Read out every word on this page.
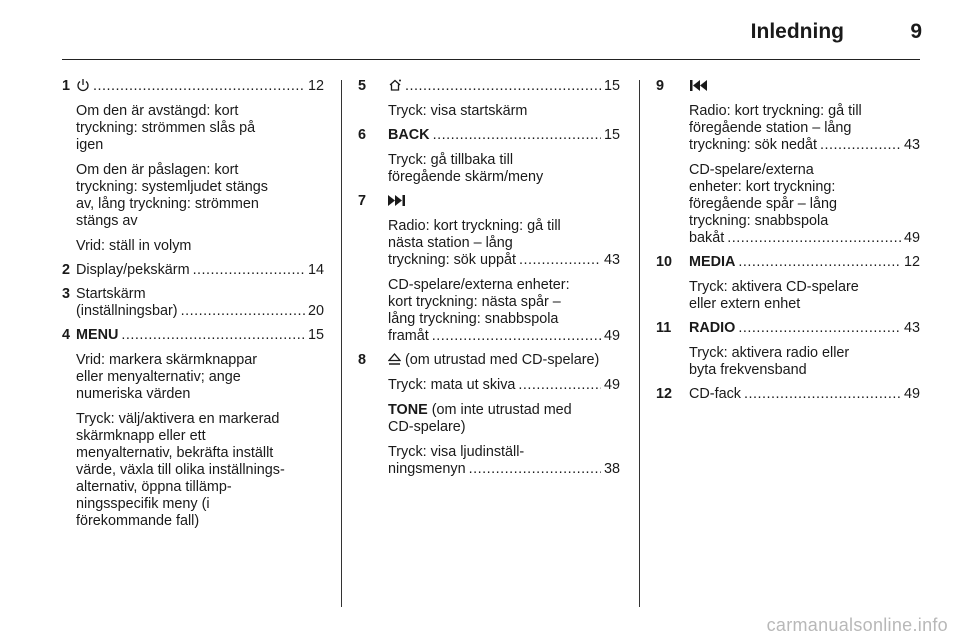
Inledning	9
1 .....	12
Om den är avstängd: kort tryckning: strömmen slås på igen
Om den är påslagen: kort tryckning: systemljudet stängs av, lång tryckning: strömmen stängs av
Vrid: ställ in volym
2 Display/pekskärm .....	14
3 Startskärm
(inställningsbar) .....	20
4 MENU .....	15
Vrid: markera skärmknappar eller menyalternativ; ange numeriska värden
Tryck: välj/aktivera en markerad skärmknapp eller ett menyalternativ, bekräfta inställt värde, växla till olika inställnings-alternativ, öppna tillämp-ningsspecifik meny (i förekommande fall)
5 .....	15
Tryck: visa startskärm
6	BACK .....	15
Tryck: gå tillbaka till föregående skärm/meny
7
Radio: kort tryckning: gå till nästa station – lång
tryckning: sök uppåt .....	43
CD-spelare/externa enheter: kort tryckning: nästa spår – lång tryckning: snabbspola
framåt .....	49
8	(om utrustad med CD-spelare)
Tryck: mata ut skiva .....	49
TONE (om inte utrustad med CD-spelare)
Tryck: visa ljudinställ-
ningsmenyn .....	38
9
Radio: kort tryckning: gå till föregående station – lång
tryckning: sök nedåt .....	43
CD-spelare/externa enheter: kort tryckning: föregående spår – lång tryckning: snabbspola
bakåt .....	49
10	MEDIA .....	12
Tryck: aktivera CD-spelare eller extern enhet
11	RADIO .....	43
Tryck: aktivera radio eller byta frekvensband
12	CD-fack .....	49
carmanualsonline.info
